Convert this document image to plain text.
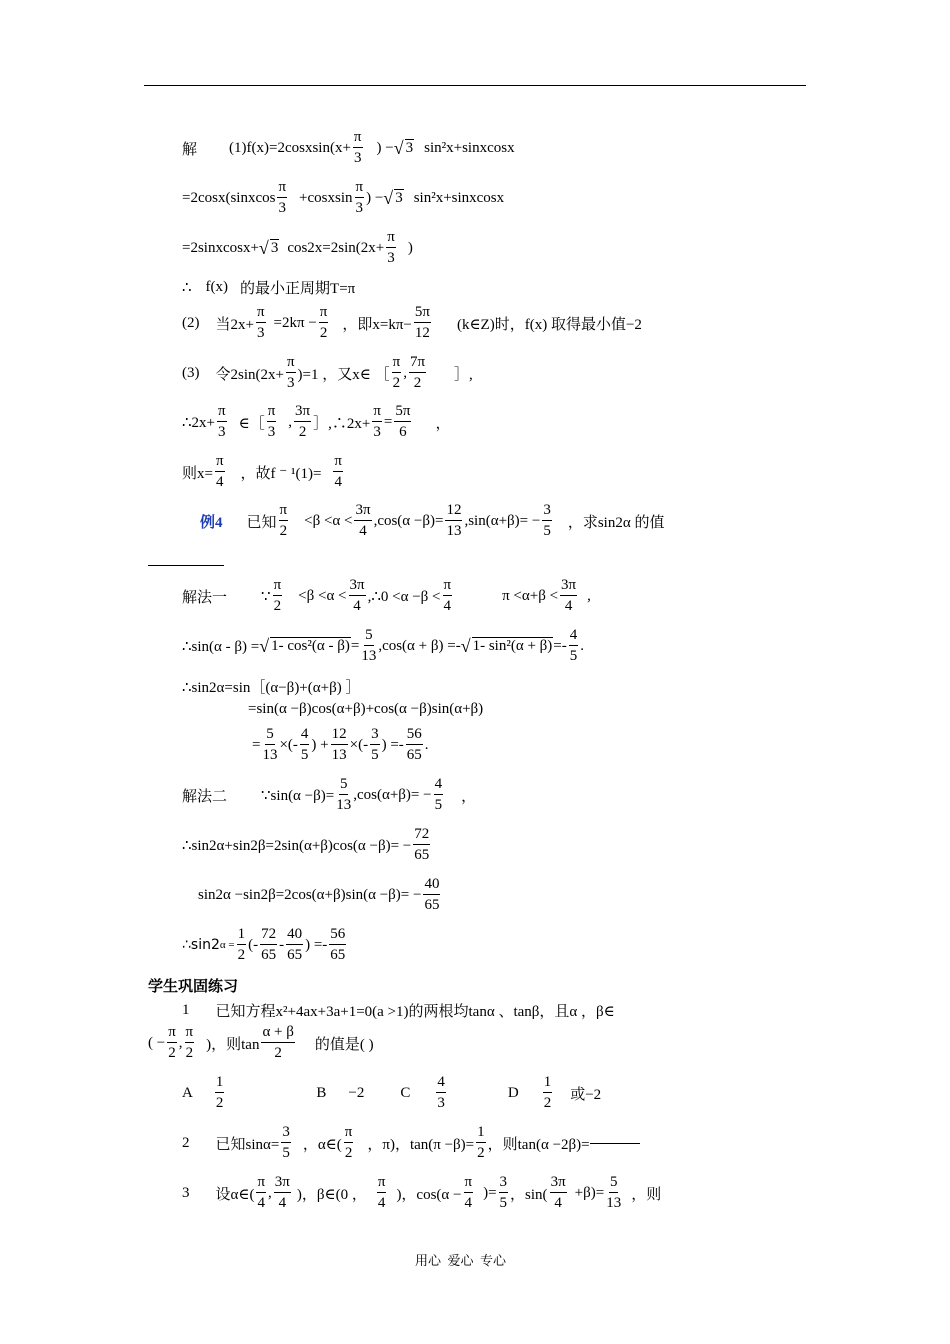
解 (1) f(x)=2cosxsin(x+ $\frac{\pi}{3}$ ) − √ 3 sin²x+sinxcosx
=2cosx(sinxcos $\frac{\pi}{3}$ +cosxsin $\frac{\pi}{3}$ ) − √ 3 sin²x+sinxcosx
=2sinxcosx+ √ 3 $\cos 2x=2\sin(2x+ \frac{\pi}{3}$ )
∴ f(x) 的最小正周期T=π
(2) 当$2x+ \frac{\pi}{3} =2k\pi - \frac{\pi}{2}$ ，即$x=k\pi- \frac{5\pi}{12}$ (k∈Z)时，f(x) 取得最小值−2
(3) 令$2\sin(2x+ \frac{\pi}{3} )=1$ ，又x∈ ［ $\frac{\pi}{2}$ , $\frac{7\pi}{2}$ ］,
∴2x+ $\frac{\pi}{3}$ ∈［ $\frac{\pi}{3}$ , $\frac{3\pi}{2}$ ］,∴2x+ $\frac{\pi}{3} = \frac{5\pi}{6}$ ，
则$x= \frac{\pi}{4}$ ，故f ⁻ $^1(1)= \frac{\pi}{4}$
例4 已知 $\frac{\pi}{2} <\beta <\alpha < \frac{3\pi}{4} ,\cos(\alpha -\beta)= \frac{12}{13} ,\sin(\alpha+\beta)= - \frac{3}{5}$ ，求sin2α 的值
解法一 ∵ $\frac{\pi}{2} <\beta <\alpha < \frac{3\pi}{4}$ ,∴0 $<\alpha -\beta < \frac{\pi}{4}$	$\pi <\alpha+\beta < \frac{3\pi}{4}$ ,
∴sin(α - β) = √ 1- $\cos^2(\alpha - \beta) = \frac{5}{13} ,\cos(\alpha + \beta)$ =- √ 1- $\sin^2(\alpha + \beta) =- \frac{4}{5}$ .
∴sin2α=sin［(α−β)+(α+β) ］
=sin(α −β)cos(α+β)+cos(α −β)sin(α+β)
= $\frac{5}{13}$ ×(- $\frac{4}{5}$ ) + $\frac{12}{13}$ ×(- $\frac{3}{5}$ ) =- $\frac{56}{65}$ .
解法二 ∵sin(α $-\beta)= \frac{5}{13} ,\cos(\alpha+\beta)= - \frac{4}{5}$ ，
∴sin2α+sin2β=2sin(α+β)cos(α $-\beta)= - \frac{72}{65}$
$\sin 2\alpha -\sin 2\beta=2\cos(\alpha+\beta)\sin(\alpha -\beta)= - \frac{40}{65}$
∴sin2 $\alpha = \frac{1}{2}$ (- $\frac{72}{65} - \frac{40}{65}$ ) =- $\frac{56}{65}$
学生巩固练习
1 已知方程x²+4ax+3a+1=0(a >1)的两根均tanα 、tanβ，且α ，β∈
( − $\frac{\pi}{2}$ , $\frac{\pi}{2}$ )，则$\tan \frac{\alpha + \beta}{2}$ 的值是( )
A $\frac{1}{2}$	B −2 C $\frac{4}{3}$	D $\frac{1}{2}$ 或−2
2 已知$\sin\alpha= \frac{3}{5}$ ，α∈( $\frac{\pi}{2}$ ，π)，$\tan(\pi -\beta)= \frac{1}{2}$ ，则tan(α −2β)=
3 设α∈( $\frac{\pi}{4}$ , $\frac{3\pi}{4}$ )，β∈(0 ， $\frac{\pi}{4}$ )，$\cos(\alpha - \frac{\pi}{4}$ )= $\frac{3}{5}$ ，$\sin( \frac{3\pi}{4} +\beta)= \frac{5}{13}$ ，则
用心  爱心  专心
